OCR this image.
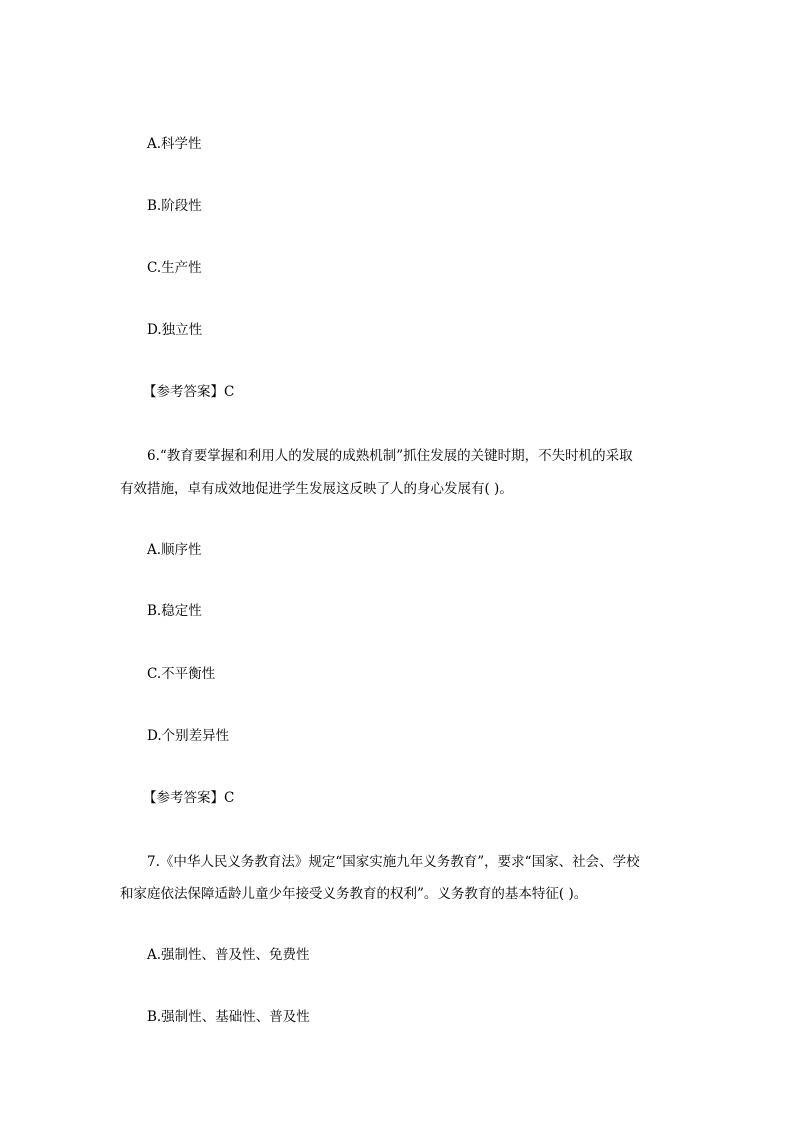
A.科学性
B.阶段性
C.生产性
D.独立性
【参考答案】C
6.“教育要掌握和利用人的发展的成熟机制”抓住发展的关键时期，不失时机的采取
有效措施，卓有成效地促进学生发展这反映了人的身心发展有( )。
A.顺序性
B.稳定性
C.不平衡性
D.个别差异性
【参考答案】C
7.《中华人民义务教育法》规定“国家实施九年义务教育”，要求“国家、社会、学校
和家庭依法保障适龄儿童少年接受义务教育的权利”。义务教育的基本特征( )。
A.强制性、普及性、免费性
B.强制性、基础性、普及性
